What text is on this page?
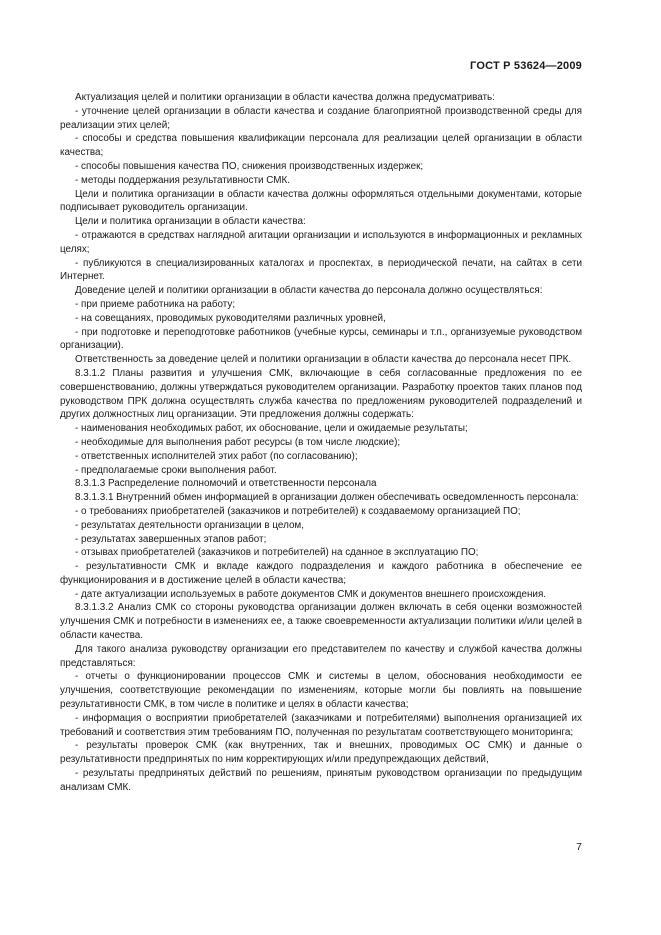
ГОСТ Р 53624—2009

Актуализация целей и политики организации в области качества должна предусматривать:

- уточнение целей организации в области качества и создание благоприятной производственной среды для реализации этих целей;

- способы и средства повышения квалификации персонала для реализации целей организации в области качества;

- способы повышения качества ПО, снижения производственных издержек;

- методы поддержания результативности СМК.

Цели и политика организации в области качества должны оформляться отдельными документами, которые подписывает руководитель организации.

Цели и политика организации в области качества:

- отражаются в средствах наглядной агитации организации и используются в информационных и рекламных целях;

- публикуются в специализированных каталогах и проспектах, в периодической печати, на сайтах в сети Интернет.

Доведение целей и политики организации в области качества до персонала должно осуществляться:

- при приеме работника на работу;

- на совещаниях, проводимых руководителями различных уровней,

- при подготовке и переподготовке работников (учебные курсы, семинары и т.п., организуемые руководством организации).

Ответственность за доведение целей и политики организации в области качества до персонала несет ПРК.

8.3.1.2 Планы развития и улучшения СМК, включающие в себя согласованные предложения по ее совершенствованию, должны утверждаться руководителем организации. Разработку проектов таких планов под руководством ПРК должна осуществлять служба качества по предложениям руководителей подразделений и других должностных лиц организации. Эти предложения должны содержать:

- наименования необходимых работ, их обоснование, цели и ожидаемые результаты;

- необходимые для выполнения работ ресурсы (в том числе людские);

- ответственных исполнителей этих работ (по согласованию);

- предполагаемые сроки выполнения работ.

8.3.1.3 Распределение полномочий и ответственности персонала

8.3.1.3.1 Внутренний обмен информацией в организации должен обеспечивать осведомленность персонала:

- о требованиях приобретателей (заказчиков и потребителей) к создаваемому организацией ПО;

- результатах деятельности организации в целом,

- результатах завершенных этапов работ;

- отзывах приобретателей (заказчиков и потребителей) на сданное в эксплуатацию ПО;

- результативности СМК и вкладе каждого подразделения и каждого работника в обеспечение ее функционирования и в достижение целей в области качества;

- дате актуализации используемых в работе документов СМК и документов внешнего происхождения.

8.3.1.3.2 Анализ СМК со стороны руководства организации должен включать в себя оценки возможностей улучшения СМК и потребности в изменениях ее, а также своевременности актуализации политики и/или целей в области качества.

Для такого анализа руководству организации его представителем по качеству и службой качества должны представляться:

- отчеты о функционировании процессов СМК и системы в целом, обоснования необходимости ее улучшения, соответствующие рекомендации по изменениям, которые могли бы повлиять на повышение результативности СМК, в том числе в политике и целях в области качества;

- информация о восприятии приобретателей (заказчиками и потребителями) выполнения организацией их требований и соответствия этим требованиям ПО, полученная по результатам соответствующего мониторинга;

- результаты проверок СМК (как внутренних, так и внешних, проводимых ОС СМК) и данные о результативности предпринятых по ним корректирующих и/или предупреждающих действий,

- результаты предпринятых действий по решениям, принятым руководством организации по предыдущим анализам СМК.

7
